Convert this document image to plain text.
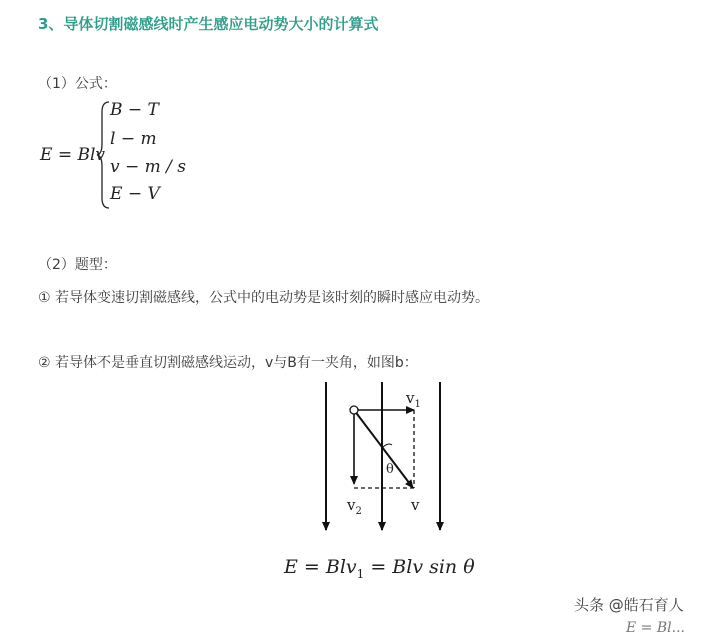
3、导体切割磁感线时产生感应电动势大小的计算式
（1）公式：
E = Blv
B − T
l − m
v − m / s
E − V
（2）题型：
① 若导体变速切割磁感线，公式中的电动势是该时刻的瞬时感应电动势。
② 若导体不是垂直切割磁感线运动，v与B有一夹角，如图b：
$v_1$
$v_2$	v
θ
E = Blv$_1$ = Blv sin θ
头条 @皓石育人
E = Bl...
